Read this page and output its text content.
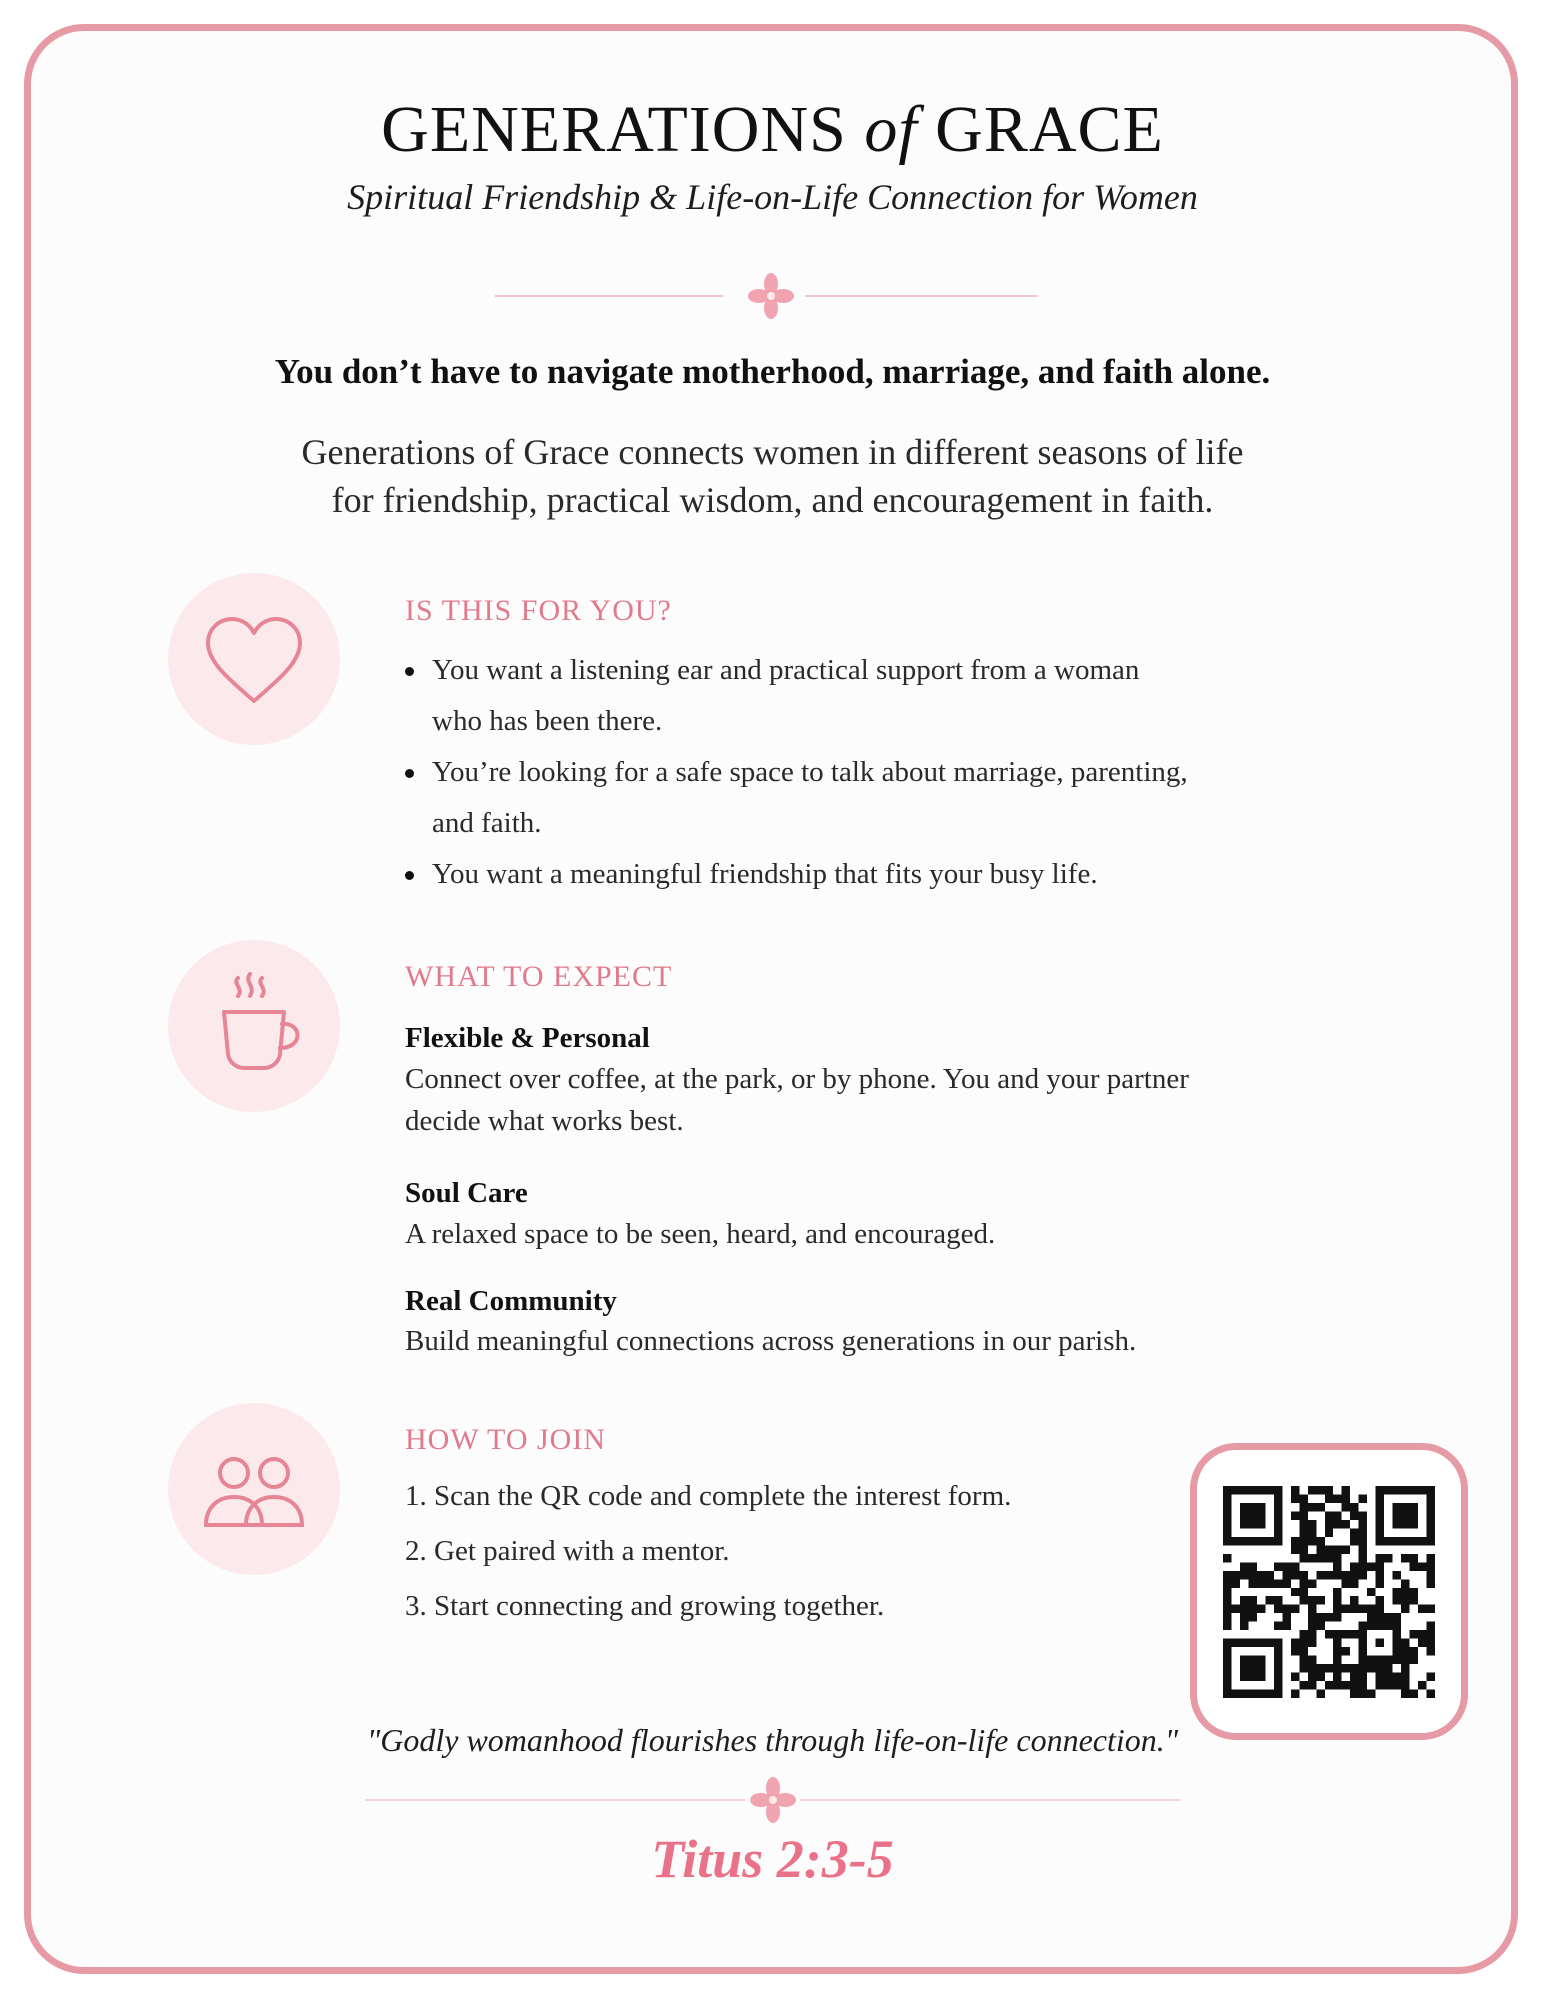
GENERATIONS of GRACE
Spiritual Friendship & Life-on-Life Connection for Women
You don’t have to navigate motherhood, marriage, and faith alone.
Generations of Grace connects women in different seasons of life
for friendship, practical wisdom, and encouragement in faith.
IS THIS FOR YOU?
You want a listening ear and practical support from a woman
who has been there.
You’re looking for a safe space to talk about marriage, parenting,
and faith.
You want a meaningful friendship that fits your busy life.
WHAT TO EXPECT
Flexible & Personal
Connect over coffee, at the park, or by phone. You and your partner
decide what works best.
Soul Care
A relaxed space to be seen, heard, and encouraged.
Real Community
Build meaningful connections across generations in our parish.
HOW TO JOIN
1. Scan the QR code and complete the interest form.
2. Get paired with a mentor.
3. Start connecting and growing together.
"Godly womanhood flourishes through life-on-life connection."
Titus 2:3-5
